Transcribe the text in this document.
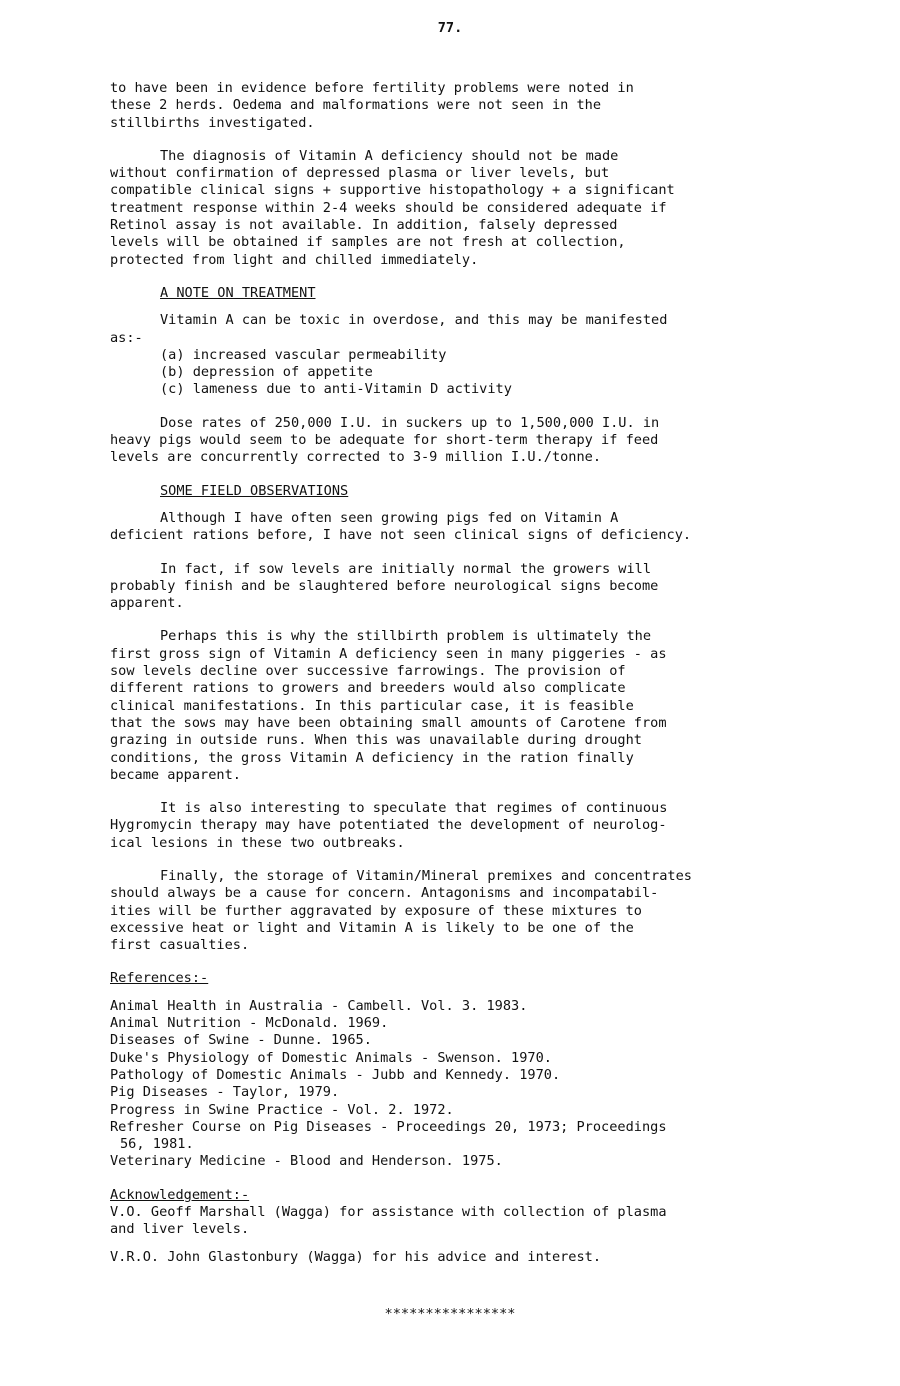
77.

to have been in evidence before fertility problems were noted in
these 2 herds. Oedema and malformations were not seen in the
stillbirths investigated.

The diagnosis of Vitamin A deficiency should not be made
without confirmation of depressed plasma or liver levels, but
compatible clinical signs + supportive histopathology + a significant
treatment response within 2-4 weeks should be considered adequate if
Retinol assay is not available. In addition, falsely depressed
levels will be obtained if samples are not fresh at collection,
protected from light and chilled immediately.

A NOTE ON TREATMENT

Vitamin A can be toxic in overdose, and this may be manifested
as:-

(a) increased vascular permeability
(b) depression of appetite
(c) lameness due to anti-Vitamin D activity

Dose rates of 250,000 I.U. in suckers up to 1,500,000 I.U. in
heavy pigs would seem to be adequate for short-term therapy if feed
levels are concurrently corrected to 3-9 million I.U./tonne.

SOME FIELD OBSERVATIONS

Although I have often seen growing pigs fed on Vitamin A
deficient rations before, I have not seen clinical signs of deficiency.

In fact, if sow levels are initially normal the growers will
probably finish and be slaughtered before neurological signs become
apparent.

Perhaps this is why the stillbirth problem is ultimately the
first gross sign of Vitamin A deficiency seen in many piggeries - as
sow levels decline over successive farrowings. The provision of
different rations to growers and breeders would also complicate
clinical manifestations. In this particular case, it is feasible
that the sows may have been obtaining small amounts of Carotene from
grazing in outside runs. When this was unavailable during drought
conditions, the gross Vitamin A deficiency in the ration finally
became apparent.

It is also interesting to speculate that regimes of continuous
Hygromycin therapy may have potentiated the development of neurolog-
ical lesions in these two outbreaks.

Finally, the storage of Vitamin/Mineral premixes and concentrates
should always be a cause for concern. Antagonisms and incompatabil-
ities will be further aggravated by exposure of these mixtures to
excessive heat or light and Vitamin A is likely to be one of the
first casualties.

References:-
Animal Health in Australia - Cambell. Vol. 3. 1983.
Animal Nutrition - McDonald. 1969.
Diseases of Swine - Dunne. 1965.
Duke's Physiology of Domestic Animals - Swenson. 1970.
Pathology of Domestic Animals - Jubb and Kennedy. 1970.
Pig Diseases - Taylor, 1979.
Progress in Swine Practice - Vol. 2. 1972.
Refresher Course on Pig Diseases - Proceedings 20, 1973; Proceedings
56, 1981.
Veterinary Medicine - Blood and Henderson. 1975.
Acknowledgement:-

V.O. Geoff Marshall (Wagga) for assistance with collection of plasma
and liver levels.

V.R.O. John Glastonbury (Wagga) for his advice and interest.

****************
